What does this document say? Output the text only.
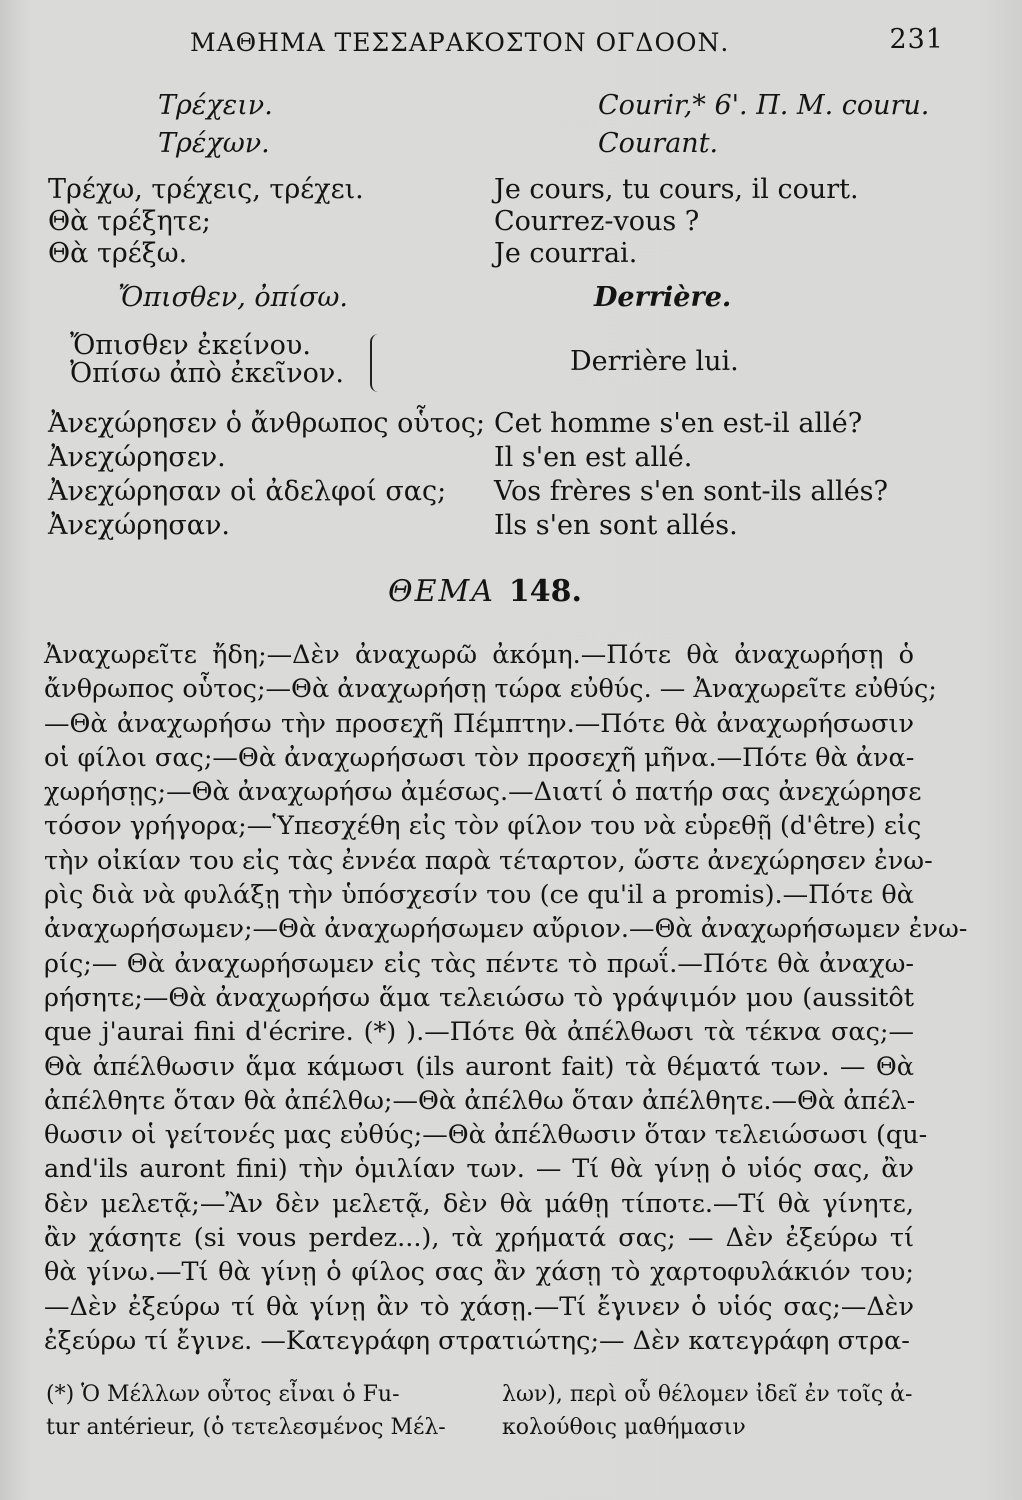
ΜΑΘΗΜΑ ΤΕΣΣΑΡΑΚΟΣΤΟΝ ΟΓΔΟΟΝ.	231
Τρέχειν.
Τρέχων.
Τρέχω, τρέχεις, τρέχει.
Θὰ τρέξητε;
Θὰ τρέξω.
Ὄπισθεν, ὀπίσω.
Ὄπισθεν ἐκείνου.
Ὀπίσω ἀπὸ ἐκεῖνον.
Ἀνεχώρησεν ὁ ἄνθρωπος οὗτος;
Ἀνεχώρησεν.
Ἀνεχώρησαν οἱ ἀδελφοί σας;
Ἀνεχώρησαν.
Courir,* 6'. Π. Μ. couru.
Courant.
Je cours, tu cours, il court.
Courrez-vous ?
Je courrai.
Derrière.
Derrière lui.
Cet homme s'en est-il allé?
Il s'en est allé.
Vos frères s'en sont-ils allés?
Ils s'en sont allés.
ΘΕΜΑ 148.
Ἀναχωρεῖτε ἤδη;—Δὲν ἀναχωρῶ ἀκόμη.—Πότε θὰ ἀναχωρήσῃ ὁ
ἄνθρωπος οὗτος;—Θὰ ἀναχωρήσῃ τώρα εὐθύς. — Ἀναχωρεῖτε εὐθύς;
—Θὰ ἀναχωρήσω τὴν προσεχῆ Πέμπτην.—Πότε θὰ ἀναχωρήσωσιν
οἱ φίλοι σας;—Θὰ ἀναχωρήσωσι τὸν προσεχῆ μῆνα.—Πότε θὰ ἀνα-
χωρήσῃς;—Θὰ ἀναχωρήσω ἀμέσως.—Διατί ὁ πατήρ σας ἀνεχώρησε
τόσον γρήγορα;—Ὑπεσχέθη εἰς τὸν φίλον του νὰ εὑρεθῇ (d'être) εἰς
τὴν οἰκίαν του εἰς τὰς ἐννέα παρὰ τέταρτον, ὥστε ἀνεχώρησεν ἐνω-
ρὶς διὰ νὰ φυλάξῃ τὴν ὑπόσχεσίν του (ce qu'il a promis).—Πότε θὰ
ἀναχωρήσωμεν;—Θὰ ἀναχωρήσωμεν αὔριον.—Θὰ ἀναχωρήσωμεν ἐνω-
ρίς;— Θὰ ἀναχωρήσωμεν εἰς τὰς πέντε τὸ πρωΐ.—Πότε θὰ ἀναχω-
ρήσητε;—Θὰ ἀναχωρήσω ἅμα τελειώσω τὸ γράψιμόν μου (aussitôt
que j'aurai fini d'écrire. (*) ).—Πότε θὰ ἀπέλθωσι τὰ τέκνα σας;—
Θὰ ἀπέλθωσιν ἅμα κάμωσι (ils auront fait) τὰ θέματά των. — Θὰ
ἀπέλθητε ὅταν θὰ ἀπέλθω;—Θὰ ἀπέλθω ὅταν ἀπέλθητε.—Θὰ ἀπέλ-
θωσιν οἱ γείτονές μας εὐθύς;—Θὰ ἀπέλθωσιν ὅταν τελειώσωσι (qu-
and'ils auront fini) τὴν ὁμιλίαν των. — Τί θὰ γίνῃ ὁ υἱός σας, ἂν
δὲν μελετᾷ;—Ἂν δὲν μελετᾷ, δὲν θὰ μάθῃ τίποτε.—Τί θὰ γίνητε,
ἂν χάσητε (si vous perdez...), τὰ χρήματά σας; — Δὲν ἐξεύρω τί
θὰ γίνω.—Τί θὰ γίνῃ ὁ φίλος σας ἂν χάσῃ τὸ χαρτοφυλάκιόν του;
—Δὲν ἐξεύρω τί θὰ γίνῃ ἂν τὸ χάσῃ.—Τί ἔγινεν ὁ υἱός σας;—Δὲν
ἐξεύρω τί ἔγινε. —Κατεγράφη στρατιώτης;— Δὲν κατεγράφη στρα-
(*) Ὁ Μέλλων οὗτος εἶναι ὁ Fu-
tur antérieur, (ὁ τετελεσμένος Μέλ-
λων), περὶ οὗ θέλομεν ἰδεῖ ἐν τοῖς ἀ-
κολούθοις μαθήμασιν
